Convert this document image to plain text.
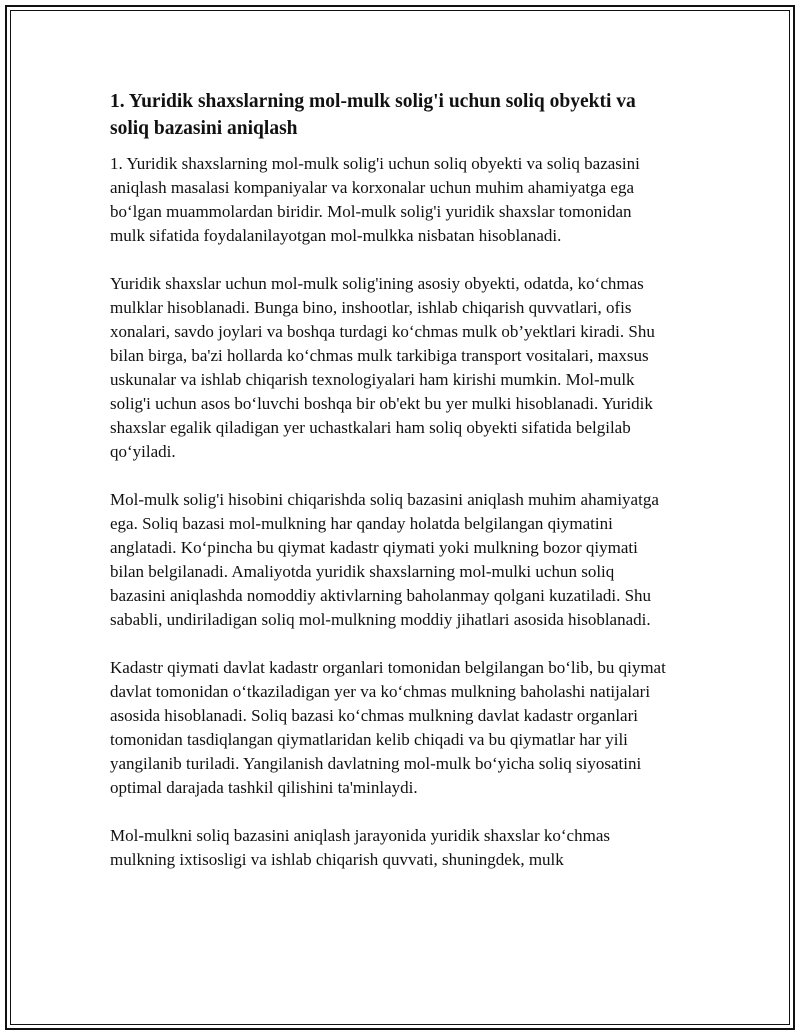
1. Yuridik shaxslarning mol-mulk solig'i uchun soliq obyekti va soliq bazasini aniqlash

1. Yuridik shaxslarning mol-mulk solig'i uchun soliq obyekti va soliq bazasini aniqlash masalasi kompaniyalar va korxonalar uchun muhim ahamiyatga ega bo‘lgan muammolardan biridir. Mol-mulk solig'i yuridik shaxslar tomonidan mulk sifatida foydalanilayotgan mol-mulkka nisbatan hisoblanadi.

Yuridik shaxslar uchun mol-mulk solig'ining asosiy obyekti, odatda, ko‘chmas mulklar hisoblanadi. Bunga bino, inshootlar, ishlab chiqarish quvvatlari, ofis xonalari, savdo joylari va boshqa turdagi ko‘chmas mulk ob’yektlari kiradi. Shu bilan birga, ba'zi hollarda ko‘chmas mulk tarkibiga transport vositalari, maxsus uskunalar va ishlab chiqarish texnologiyalari ham kirishi mumkin. Mol-mulk solig'i uchun asos bo‘luvchi boshqa bir ob'ekt bu yer mulki hisoblanadi. Yuridik shaxslar egalik qiladigan yer uchastkalari ham soliq obyekti sifatida belgilab qo‘yiladi.

Mol-mulk solig'i hisobini chiqarishda soliq bazasini aniqlash muhim ahamiyatga ega. Soliq bazasi mol-mulkning har qanday holatda belgilangan qiymatini anglatadi. Ko‘pincha bu qiymat kadastr qiymati yoki mulkning bozor qiymati bilan belgilanadi. Amaliyotda yuridik shaxslarning mol-mulki uchun soliq bazasini aniqlashda nomoddiy aktivlarning baholanmay qolgani kuzatiladi. Shu sababli, undiriladigan soliq mol-mulkning moddiy jihatlari asosida hisoblanadi.

Kadastr qiymati davlat kadastr organlari tomonidan belgilangan bo‘lib, bu qiymat davlat tomonidan o‘tkaziladigan yer va ko‘chmas mulkning baholashi natijalari asosida hisoblanadi. Soliq bazasi ko‘chmas mulkning davlat kadastr organlari tomonidan tasdiqlangan qiymatlaridan kelib chiqadi va bu qiymatlar har yili yangilanib turiladi. Yangilanish davlatning mol-mulk bo‘yicha soliq siyosatini optimal darajada tashkil qilishini ta'minlaydi.

Mol-mulkni soliq bazasini aniqlash jarayonida yuridik shaxslar ko‘chmas mulkning ixtisosligi va ishlab chiqarish quvvati, shuningdek, mulk
